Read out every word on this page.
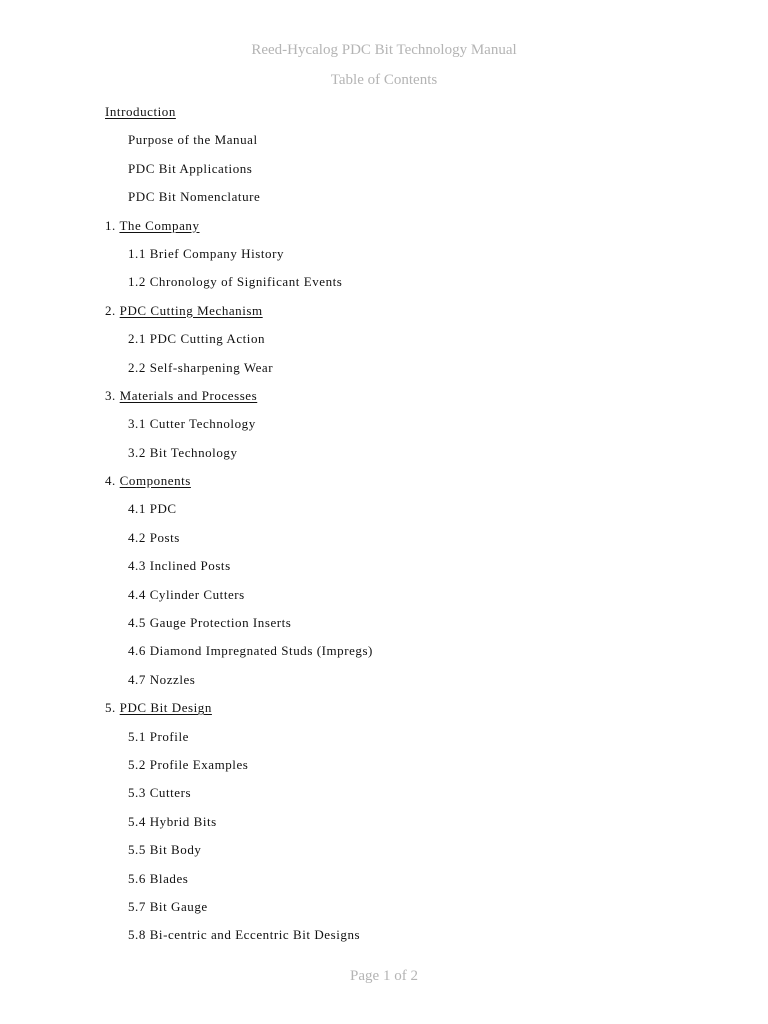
Reed-Hycalog PDC Bit Technology Manual
Table of Contents
Introduction
Purpose of the Manual
PDC Bit Applications
PDC Bit Nomenclature
1. The Company
1.1 Brief Company History
1.2 Chronology of Significant Events
2. PDC Cutting Mechanism
2.1 PDC Cutting Action
2.2 Self-sharpening Wear
3. Materials and Processes
3.1 Cutter Technology
3.2 Bit Technology
4. Components
4.1 PDC
4.2 Posts
4.3 Inclined Posts
4.4 Cylinder Cutters
4.5 Gauge Protection Inserts
4.6 Diamond Impregnated Studs (Impregs)
4.7 Nozzles
5. PDC Bit Design
5.1 Profile
5.2 Profile Examples
5.3 Cutters
5.4 Hybrid Bits
5.5 Bit Body
5.6 Blades
5.7 Bit Gauge
5.8 Bi-centric and Eccentric Bit Designs
Page 1 of 2
